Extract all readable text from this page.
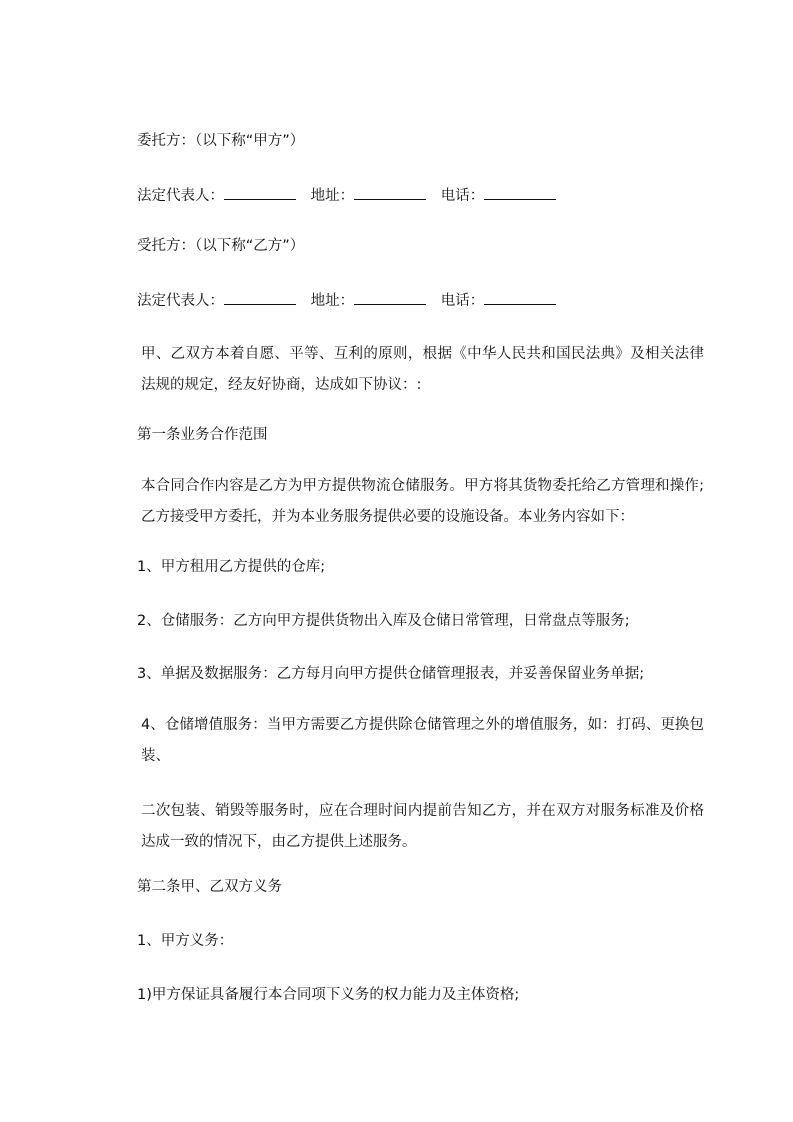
委托方：（以下称“甲方”）
法定代表人：	地址：	电话：
受托方：（以下称“乙方”）
法定代表人：	地址：	电话：
甲、乙双方本着自愿、平等、互利的原则，根据《中华人民共和国民法典》及相关法律法规的规定，经友好协商，达成如下协议：:
第一条业务合作范围
本合同合作内容是乙方为甲方提供物流仓储服务。甲方将其货物委托给乙方管理和操作;乙方接受甲方委托，并为本业务服务提供必要的设施设备。本业务内容如下：
1、甲方租用乙方提供的仓库;
2、仓储服务：乙方向甲方提供货物出入库及仓储日常管理，日常盘点等服务;
3、单据及数据服务：乙方每月向甲方提供仓储管理报表，并妥善保留业务单据;
4、仓储增值服务：当甲方需要乙方提供除仓储管理之外的增值服务，如：打码、更换包装、
二次包装、销毁等服务时，应在合理时间内提前告知乙方，并在双方对服务标准及价格达成一致的情况下，由乙方提供上述服务。
第二条甲、乙双方义务
1、甲方义务：
1)甲方保证具备履行本合同项下义务的权力能力及主体资格;
